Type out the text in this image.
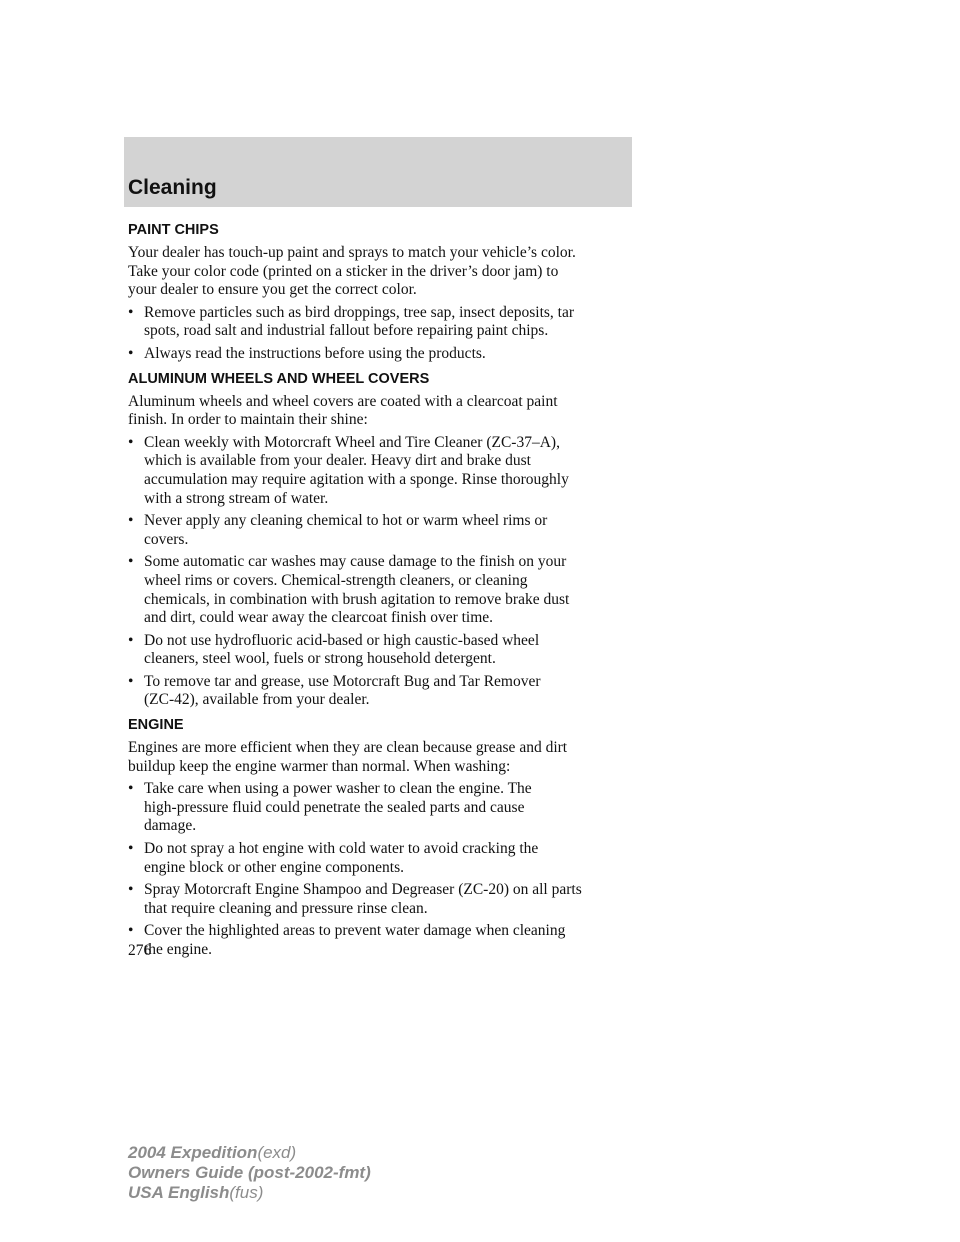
Cleaning
PAINT CHIPS
Your dealer has touch-up paint and sprays to match your vehicle’s color.
Take your color code (printed on a sticker in the driver’s door jam) to
your dealer to ensure you get the correct color.
• Remove particles such as bird droppings, tree sap, insect deposits, tar
spots, road salt and industrial fallout before repairing paint chips.
• Always read the instructions before using the products.
ALUMINUM WHEELS AND WHEEL COVERS
Aluminum wheels and wheel covers are coated with a clearcoat paint
finish. In order to maintain their shine:
• Clean weekly with Motorcraft Wheel and Tire Cleaner (ZC-37–A),
which is available from your dealer. Heavy dirt and brake dust
accumulation may require agitation with a sponge. Rinse thoroughly
with a strong stream of water.
• Never apply any cleaning chemical to hot or warm wheel rims or
covers.
• Some automatic car washes may cause damage to the finish on your
wheel rims or covers. Chemical-strength cleaners, or cleaning
chemicals, in combination with brush agitation to remove brake dust
and dirt, could wear away the clearcoat finish over time.
• Do not use hydrofluoric acid-based or high caustic-based wheel
cleaners, steel wool, fuels or strong household detergent.
• To remove tar and grease, use Motorcraft Bug and Tar Remover
(ZC-42), available from your dealer.
ENGINE
Engines are more efficient when they are clean because grease and dirt
buildup keep the engine warmer than normal. When washing:
• Take care when using a power washer to clean the engine. The
high-pressure fluid could penetrate the sealed parts and cause
damage.
• Do not spray a hot engine with cold water to avoid cracking the
engine block or other engine components.
• Spray Motorcraft Engine Shampoo and Degreaser (ZC-20) on all parts
that require cleaning and pressure rinse clean.
• Cover the highlighted areas to prevent water damage when cleaning
the engine.
276
2004 Expedition(exd)
Owners Guide (post-2002-fmt)
USA English(fus)
